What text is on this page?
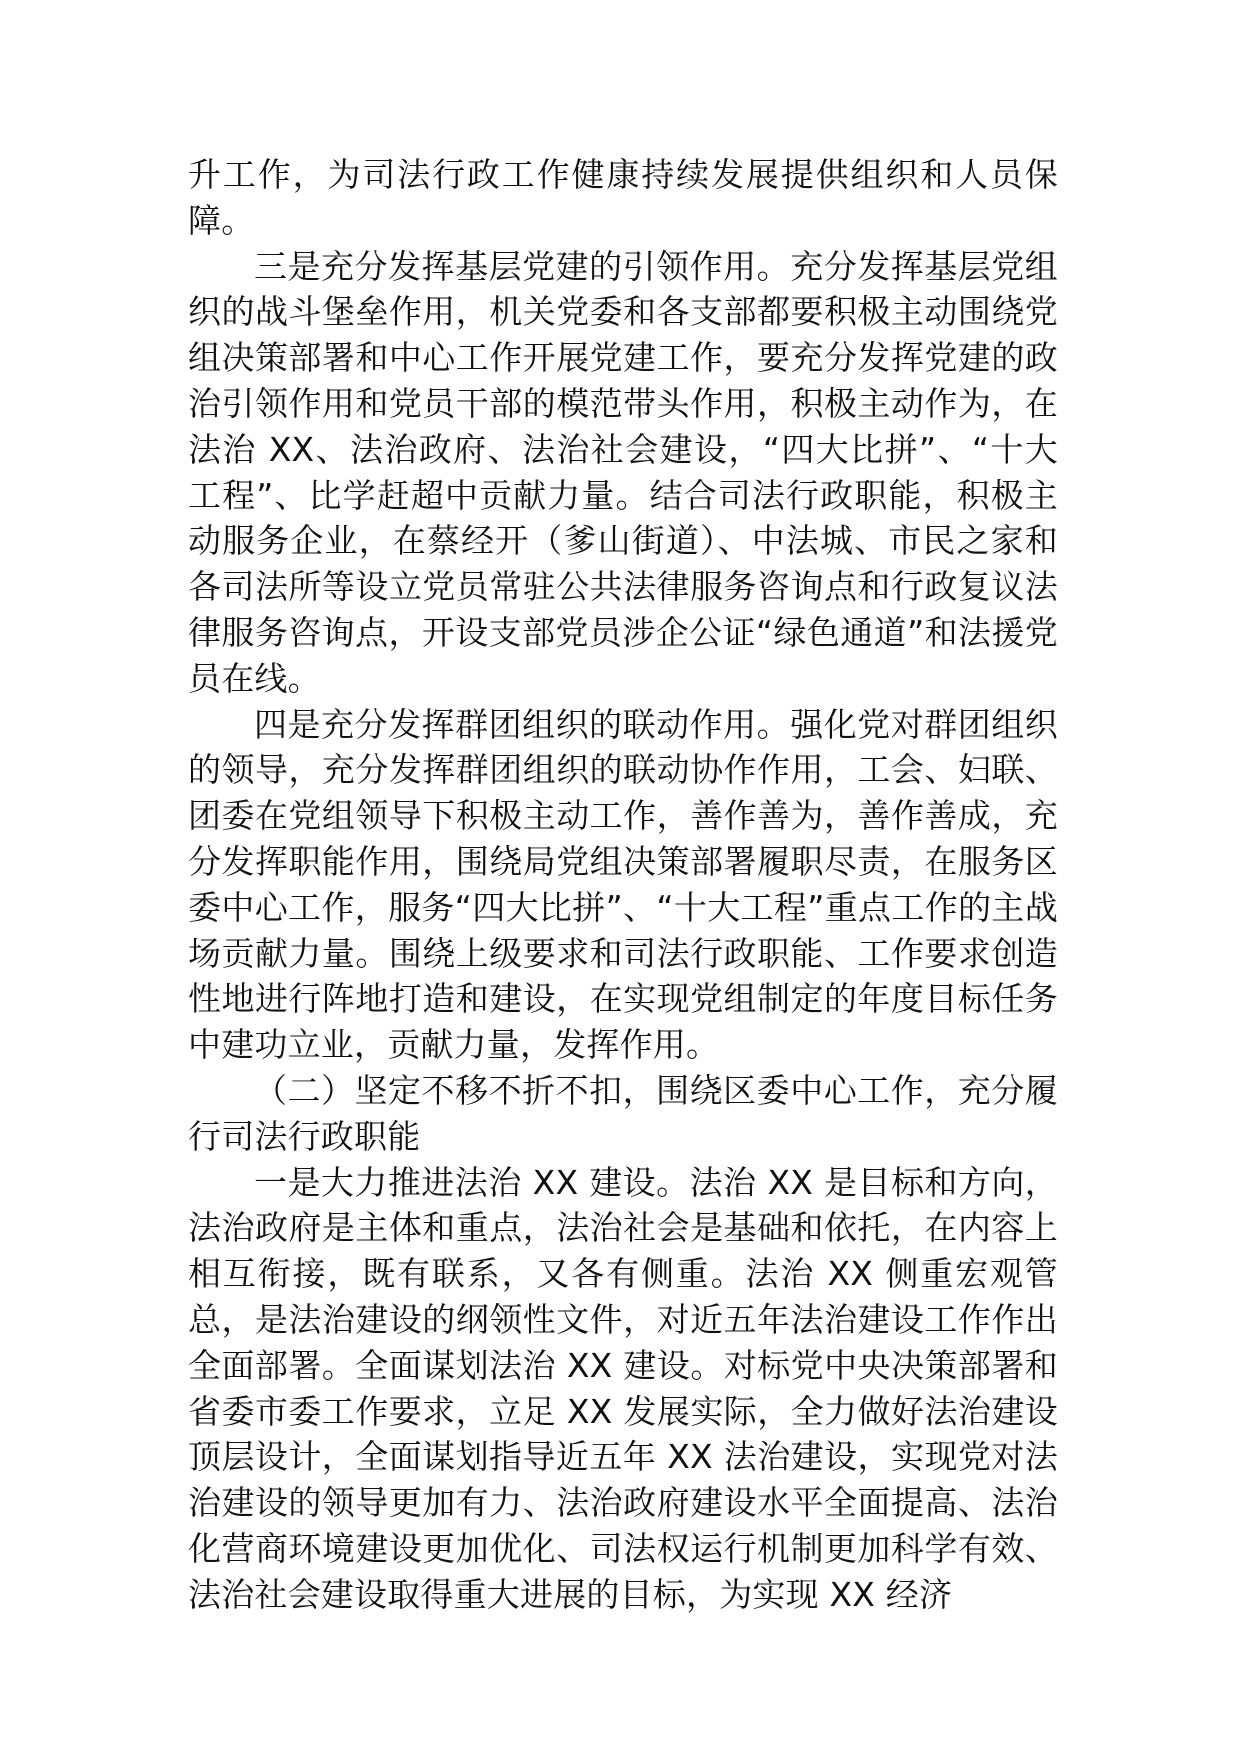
升工作，为司法行政工作健康持续发展提供组织和人员保障。

三是充分发挥基层党建的引领作用。充分发挥基层党组织的战斗堡垒作用，机关党委和各支部都要积极主动围绕党组决策部署和中心工作开展党建工作，要充分发挥党建的政治引领作用和党员干部的模范带头作用，积极主动作为，在法治 XX、法治政府、法治社会建设，“四大比拼”、“十大工程”、比学赶超中贡献力量。结合司法行政职能，积极主动服务企业，在蔡经开（爹山街道）、中法城、市民之家和各司法所等设立党员常驻公共法律服务咨询点和行政复议法律服务咨询点，开设支部党员涉企公证“绿色通道”和法援党员在线。

四是充分发挥群团组织的联动作用。强化党对群团组织的领导，充分发挥群团组织的联动协作作用，工会、妇联、团委在党组领导下积极主动工作，善作善为，善作善成，充分发挥职能作用，围绕局党组决策部署履职尽责，在服务区委中心工作，服务“四大比拼”、“十大工程”重点工作的主战场贡献力量。围绕上级要求和司法行政职能、工作要求创造性地进行阵地打造和建设，在实现党组制定的年度目标任务中建功立业，贡献力量，发挥作用。

（二）坚定不移不折不扣，围绕区委中心工作，充分履行司法行政职能

一是大力推进法治 XX 建设。法治 XX 是目标和方向，法治政府是主体和重点，法治社会是基础和依托，在内容上相互衔接，既有联系，又各有侧重。法治 XX 侧重宏观管总，是法治建设的纲领性文件，对近五年法治建设工作作出全面部署。全面谋划法治 XX 建设。对标党中央决策部署和省委市委工作要求，立足 XX 发展实际，全力做好法治建设顶层设计，全面谋划指导近五年 XX 法治建设，实现党对法治建设的领导更加有力、法治政府建设水平全面提高、法治化营商环境建设更加优化、司法权运行机制更加科学有效、法治社会建设取得重大进展的目标，为实现 XX 经济
